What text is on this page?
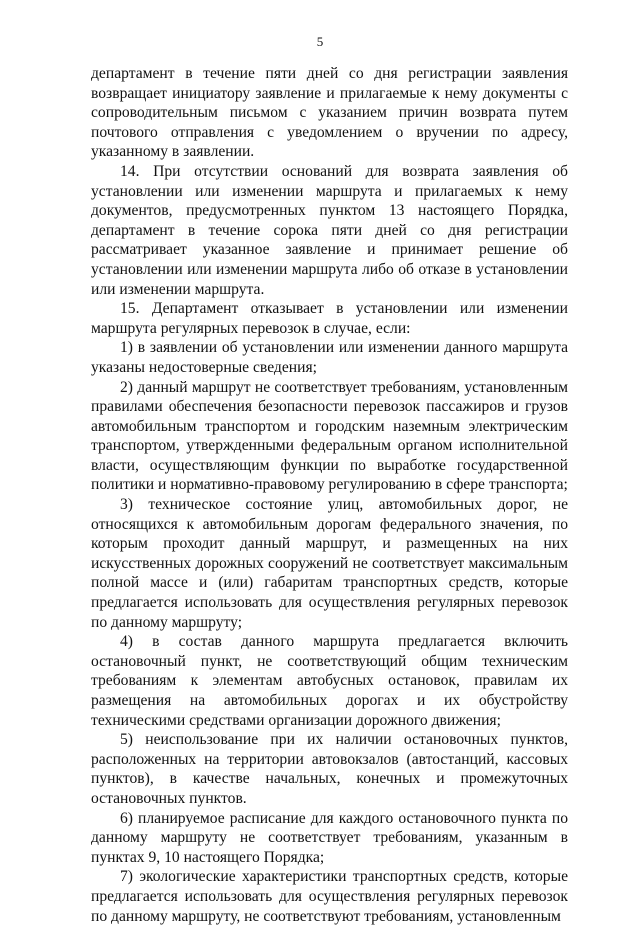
5

департамент в течение пяти дней со дня регистрации заявления возвращает инициатору заявление и прилагаемые к нему документы с сопроводительным письмом с указанием причин возврата путем почтового отправления с уведомлением о вручении по адресу, указанному в заявлении.

14. При отсутствии оснований для возврата заявления об установлении или изменении маршрута и прилагаемых к нему документов, предусмотренных пунктом 13 настоящего Порядка, департамент в течение сорока пяти дней со дня регистрации рассматривает указанное заявление и принимает решение об установлении или изменении маршрута либо об отказе в установлении или изменении маршрута.

15. Департамент отказывает в установлении или изменении маршрута регулярных перевозок в случае, если:

1) в заявлении об установлении или изменении данного маршрута указаны недостоверные сведения;

2) данный маршрут не соответствует требованиям, установленным правилами обеспечения безопасности перевозок пассажиров и грузов автомобильным транспортом и городским наземным электрическим транспортом, утвержденными федеральным органом исполнительной власти, осуществляющим функции по выработке государственной политики и нормативно-правовому регулированию в сфере транспорта;

3) техническое состояние улиц, автомобильных дорог, не относящихся к автомобильным дорогам федерального значения, по которым проходит данный маршрут, и размещенных на них искусственных дорожных сооружений не соответствует максимальным полной массе и (или) габаритам транспортных средств, которые предлагается использовать для осуществления регулярных перевозок по данному маршруту;

4) в состав данного маршрута предлагается включить остановочный пункт, не соответствующий общим техническим требованиям к элементам автобусных остановок, правилам их размещения на автомобильных дорогах и их обустройству техническими средствами организации дорожного движения;

5) неиспользование при их наличии остановочных пунктов, расположенных на территории автовокзалов (автостанций, кассовых пунктов), в качестве начальных, конечных и промежуточных остановочных пунктов.

6) планируемое расписание для каждого остановочного пункта по данному маршруту не соответствует требованиям, указанным в пунктах 9, 10 настоящего Порядка;

7) экологические характеристики транспортных средств, которые предлагается использовать для осуществления регулярных перевозок по данному маршруту, не соответствуют требованиям, установленным
